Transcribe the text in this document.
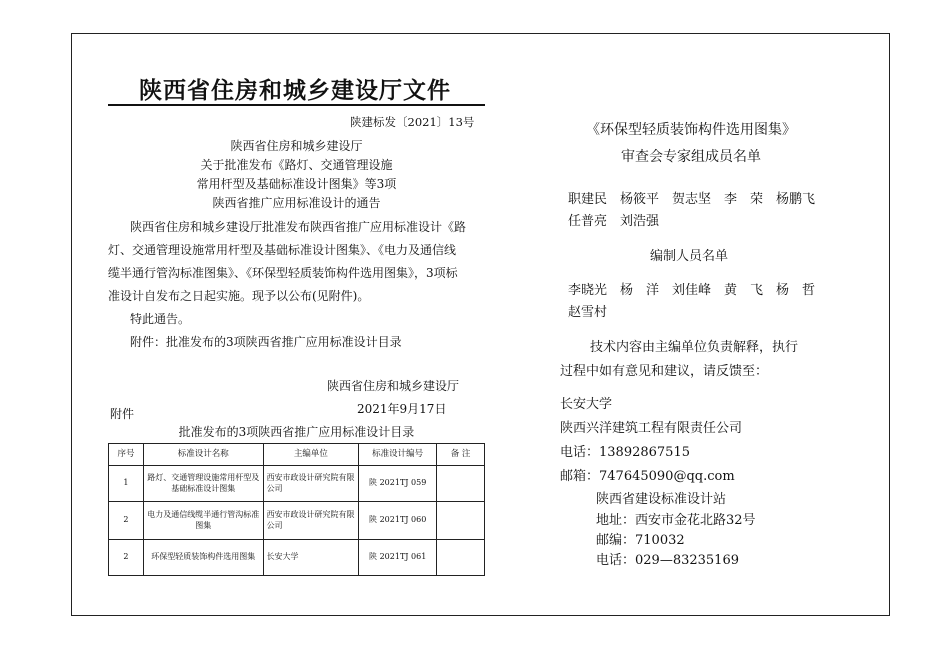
陕西省住房和城乡建设厅文件
陕建标发〔2021〕13号
陕西省住房和城乡建设厅
关于批准发布《路灯、交通管理设施
常用杆型及基础标准设计图集》等3项
陕西省推广应用标准设计的通告
陕西省住房和城乡建设厅批准发布陕西省推广应用标准设计《路
灯、交通管理设施常用杆型及基础标准设计图集》、《电力及通信线
缆半通行管沟标准图集》、《环保型轻质装饰构件选用图集》，3项标
准设计自发布之日起实施。现予以公布(见附件)。
特此通告。
附件：批准发布的3项陕西省推广应用标准设计目录
陕西省住房和城乡建设厅
2021年9月17日
附件
批准发布的3项陕西省推广应用标准设计目录
序号	标准设计名称	主编单位	标准设计编号	备 注
1	路灯、交通管理设施常用杆型及基础标准设计图集	西安市政设计研究院有限公司	陕 2021TJ 059	
2	电力及通信线缆半通行管沟标准图集	西安市政设计研究院有限公司	陕 2021TJ 060	
2	环保型轻质装饰构件选用图集	长安大学	陕 2021TJ 061	
《环保型轻质装饰构件选用图集》
审查会专家组成员名单
职建民　杨筱平　贺志坚　李　荣　杨鹏飞
任普亮　刘浩强
编制人员名单
李晓光　杨　洋　刘佳峰　黄　飞　杨　哲
赵雪村
技术内容由主编单位负责解释，执行
过程中如有意见和建议，请反馈至：
长安大学
陕西兴洋建筑工程有限责任公司
电话：13892867515
邮箱：747645090@qq.com
陕西省建设标准设计站
地址：西安市金花北路32号
邮编：710032
电话：029—83235169
